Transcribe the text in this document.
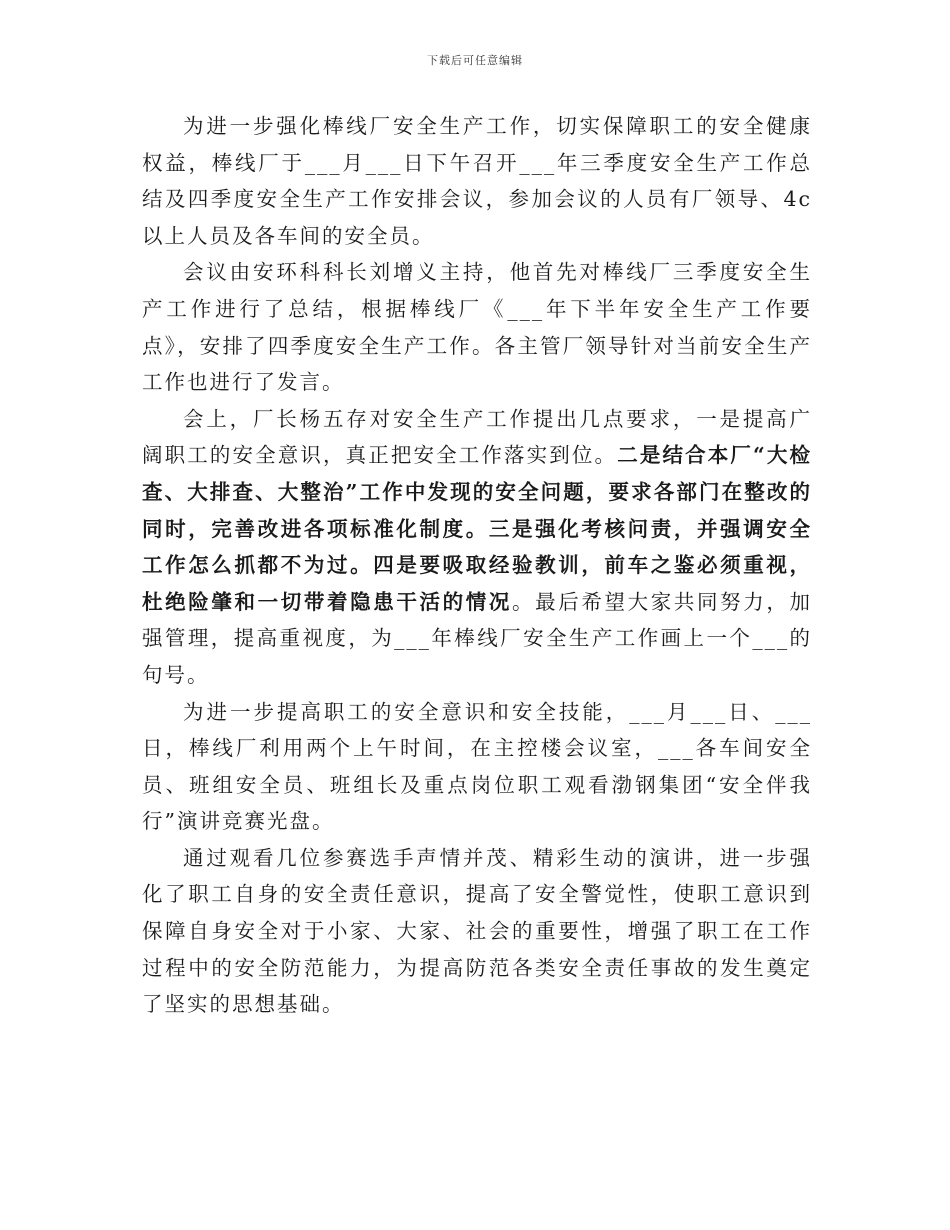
下载后可任意编辑

为进一步强化棒线厂安全生产工作，切实保障职工的安全健康权益，棒线厂于___月___日下午召开___年三季度安全生产工作总结及四季度安全生产工作安排会议，参加会议的人员有厂领导、4c以上人员及各车间的安全员。

会议由安环科科长刘增义主持，他首先对棒线厂三季度安全生产工作进行了总结，根据棒线厂《___年下半年安全生产工作要点》，安排了四季度安全生产工作。各主管厂领导针对当前安全生产工作也进行了发言。

会上，厂长杨五存对安全生产工作提出几点要求，一是提高广阔职工的安全意识，真正把安全工作落实到位。二是结合本厂“大检查、大排查、大整治”工作中发现的安全问题，要求各部门在整改的同时，完善改进各项标准化制度。三是强化考核问责，并强调安全工作怎么抓都不为过。四是要吸取经验教训，前车之鉴必须重视，杜绝险肇和一切带着隐患干活的情况。最后希望大家共同努力，加强管理，提高重视度，为___年棒线厂安全生产工作画上一个___的句号。

为进一步提高职工的安全意识和安全技能，___月___日、___日，棒线厂利用两个上午时间，在主控楼会议室，___各车间安全员、班组安全员、班组长及重点岗位职工观看渤钢集团“安全伴我行”演讲竞赛光盘。

通过观看几位参赛选手声情并茂、精彩生动的演讲，进一步强化了职工自身的安全责任意识，提高了安全警觉性，使职工意识到保障自身安全对于小家、大家、社会的重要性，增强了职工在工作过程中的安全防范能力，为提高防范各类安全责任事故的发生奠定了坚实的思想基础。
